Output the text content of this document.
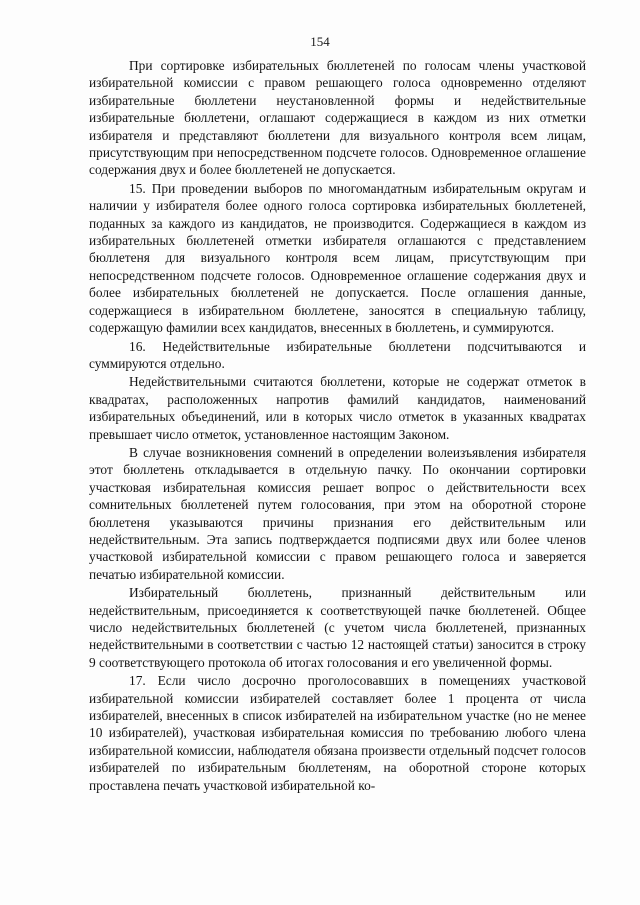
154

При сортировке избирательных бюллетеней по голосам члены участковой избирательной комиссии с правом решающего голоса одновременно отделяют избирательные бюллетени неустановленной формы и недействительные избирательные бюллетени, оглашают содержащиеся в каждом из них отметки избирателя и представляют бюллетени для визуального контроля всем лицам, присутствующим при непосредственном подсчете голосов. Одновременное оглашение содержания двух и более бюллетеней не допускается.

15. При проведении выборов по многомандатным избирательным округам и наличии у избирателя более одного голоса сортировка избирательных бюллетеней, поданных за каждого из кандидатов, не производится. Содержащиеся в каждом из избирательных бюллетеней отметки избирателя оглашаются с представлением бюллетеня для визуального контроля всем лицам, присутствующим при непосредственном подсчете голосов. Одновременное оглашение содержания двух и более избирательных бюллетеней не допускается. После оглашения данные, содержащиеся в избирательном бюллетене, заносятся в специальную таблицу, содержащую фамилии всех кандидатов, внесенных в бюллетень, и суммируются.

16. Недействительные избирательные бюллетени подсчитываются и суммируются отдельно.

Недействительными считаются бюллетени, которые не содержат отметок в квадратах, расположенных напротив фамилий кандидатов, наименований избирательных объединений, или в которых число отметок в указанных квадратах превышает число отметок, установленное настоящим Законом.

В случае возникновения сомнений в определении волеизъявления избирателя этот бюллетень откладывается в отдельную пачку. По окончании сортировки участковая избирательная комиссия решает вопрос о действительности всех сомнительных бюллетеней путем голосования, при этом на оборотной стороне бюллетеня указываются причины признания его действительным или недействительным. Эта запись подтверждается подписями двух или более членов участковой избирательной комиссии с правом решающего голоса и заверяется печатью избирательной комиссии.

Избирательный бюллетень, признанный действительным или недействительным, присоединяется к соответствующей пачке бюллетеней. Общее число недействительных бюллетеней (с учетом числа бюллетеней, признанных недействительными в соответствии с частью 12 настоящей статьи) заносится в строку 9 соответствующего протокола об итогах голосования и его увеличенной формы.

17. Если число досрочно проголосовавших в помещениях участковой избирательной комиссии избирателей составляет более 1 процента от числа избирателей, внесенных в список избирателей на избирательном участке (но не менее 10 избирателей), участковая избирательная комиссия по требованию любого члена избирательной комиссии, наблюдателя обязана произвести отдельный подсчет голосов избирателей по избирательным бюллетеням, на оборотной стороне которых проставлена печать участковой избирательной ко-
